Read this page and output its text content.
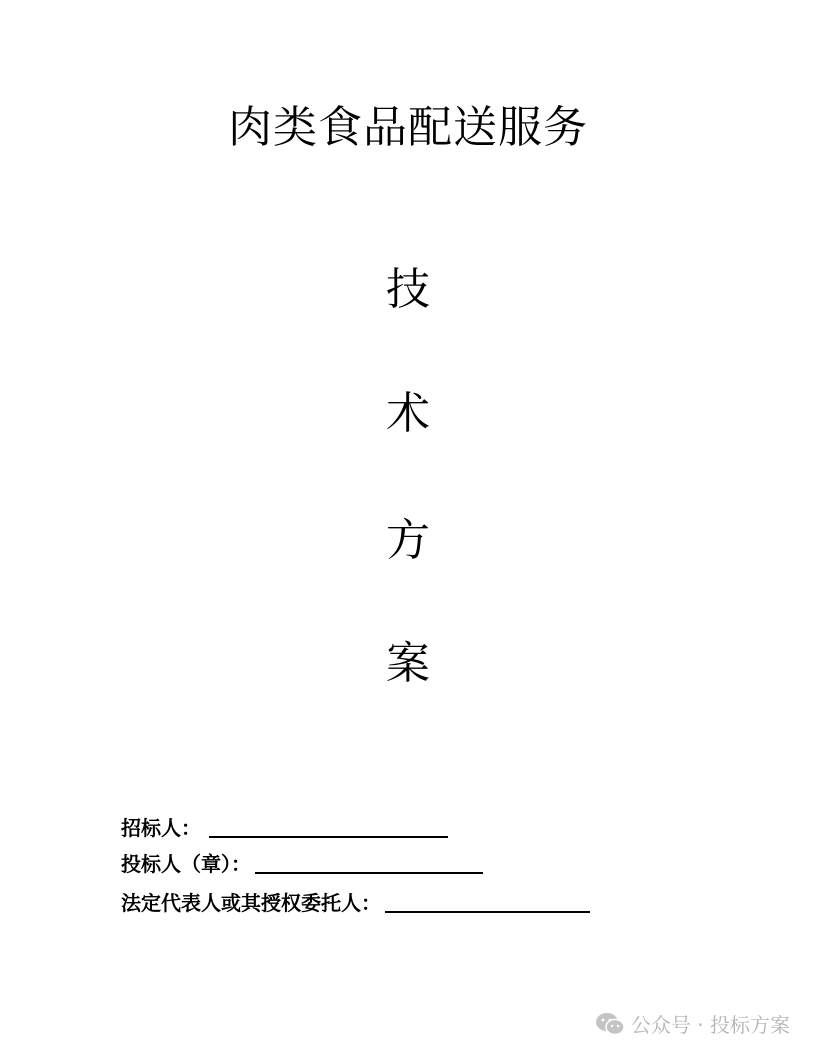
肉类食品配送服务
技
术
方
案
招标人：
投标人（章）：
法定代表人或其授权委托人：
公众号 · 投标方案
